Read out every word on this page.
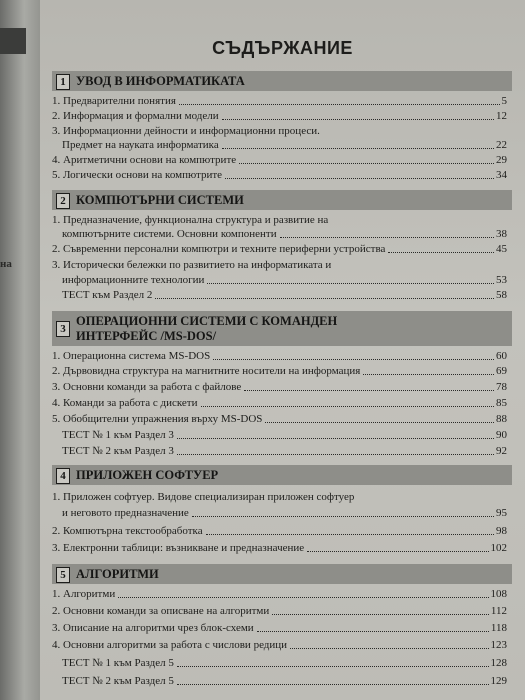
на
СЪДЪРЖАНИЕ
1 УВОД В ИНФОРМАТИКАТА
1. Предварителни понятия	5
2. Информация и формални модели	12
3. Информационни дейности и информационни процеси.
Предмет на науката информатика	22
4. Аритметични основи на компютрите	29
5. Логически основи на компютрите	34
2 КОМПЮТЪРНИ СИСТЕМИ
1. Предназначение, функционална структура и развитие на
компютърните системи. Основни компоненти	38
2. Съвременни персонални компютри и техните периферни устройства	45
3. Исторически бележки по развитието на информатиката и
информационните технологии	53
ТЕСТ към Раздел 2	58
3
ОПЕРАЦИОННИ СИСТЕМИ С КОМАНДЕН
ИНТЕРФЕЙС /MS-DOS/
1. Операционна система MS-DOS	60
2. Дървовидна структура на магнитните носители на информация	69
3. Основни команди за работа с файлове	78
4. Команди за работа с дискети	85
5. Обобщителни упражнения върху MS-DOS	88
ТЕСТ № 1 към Раздел 3	90
ТЕСТ № 2 към Раздел 3	92
4 ПРИЛОЖЕН СОФТУЕР
1. Приложен софтуер. Видове специализиран приложен софтуер
и неговото предназначение	95
2. Компютърна текстообработка	98
3. Електронни таблици: възникване и предназначение	102
5 АЛГОРИТМИ
1. Алгоритми	108
2. Основни команди за описване на алгоритми	112
3. Описание на алгоритми чрез блок-схеми	118
4. Основни алгоритми за работа с числови редици	123
ТЕСТ № 1 към Раздел 5	128
ТЕСТ № 2 към Раздел 5	129
